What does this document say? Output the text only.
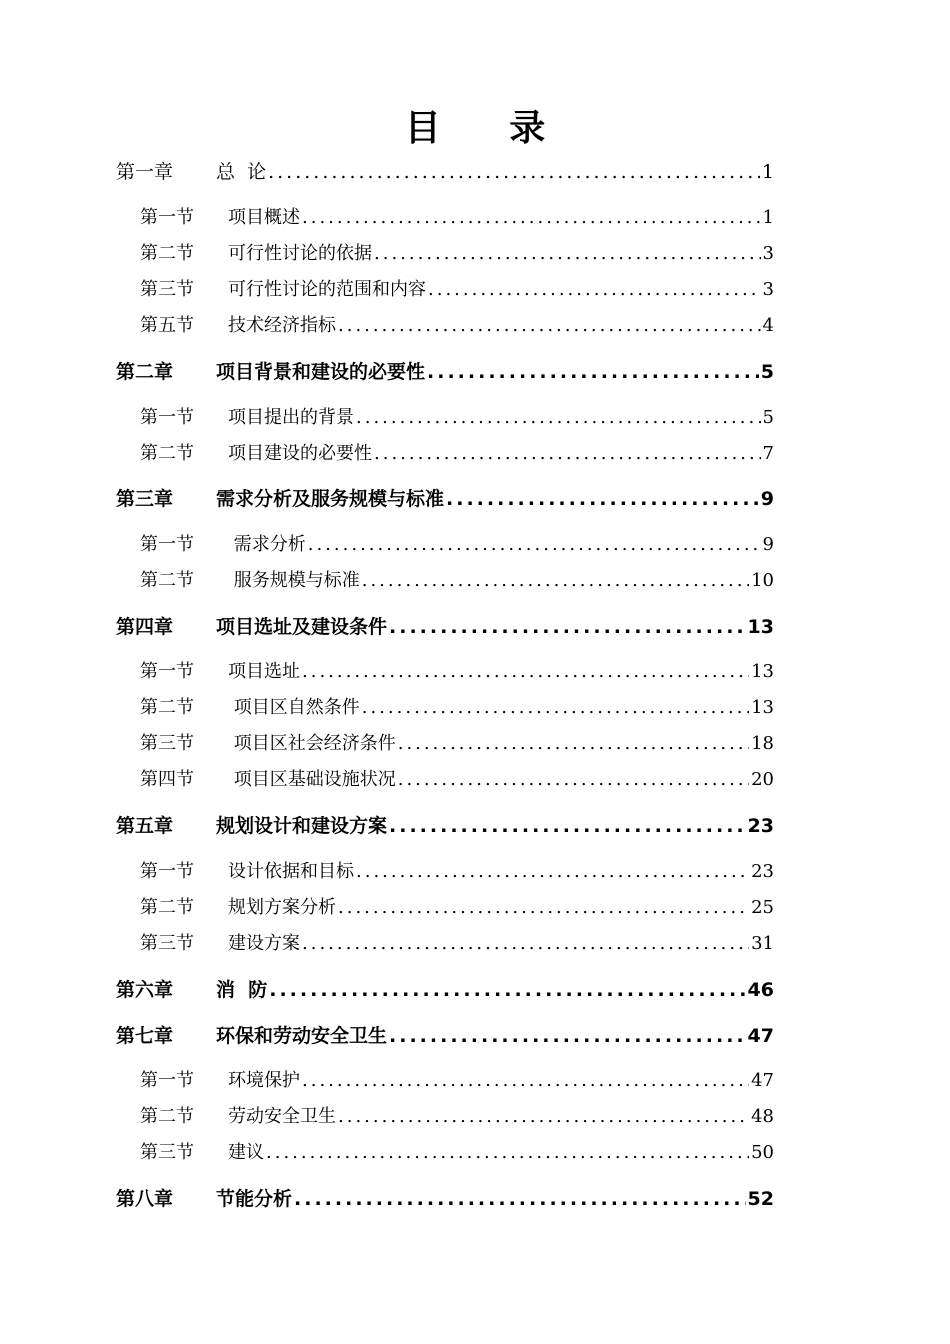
目 录
第一章	总  论 .....	1
第一节	项目概述 .....	1
第二节	可行性讨论的依据 .....	3
第三节	可行性讨论的范围和内容 .....	3
第五节	技术经济指标 .....	4
第二章	项目背景和建设的必要性 .....	5
第一节	项目提出的背景 .....	5
第二节	项目建设的必要性 .....	7
第三章	需求分析及服务规模与标准 .....	9
第一节	需求分析 .....	9
第二节	服务规模与标准 .....	10
第四章	项目选址及建设条件 .....	13
第一节	项目选址 .....	13
第二节	项目区自然条件 .....	13
第三节	项目区社会经济条件 .....	18
第四节	项目区基础设施状况 .....	20
第五章	规划设计和建设方案 .....	23
第一节	设计依据和目标 .....	23
第二节	规划方案分析 .....	25
第三节	建设方案 .....	31
第六章	消  防 .....	46
第七章	环保和劳动安全卫生 .....	47
第一节	环境保护 .....	47
第二节	劳动安全卫生 .....	48
第三节	建议 .....	50
第八章	节能分析 .....	52
